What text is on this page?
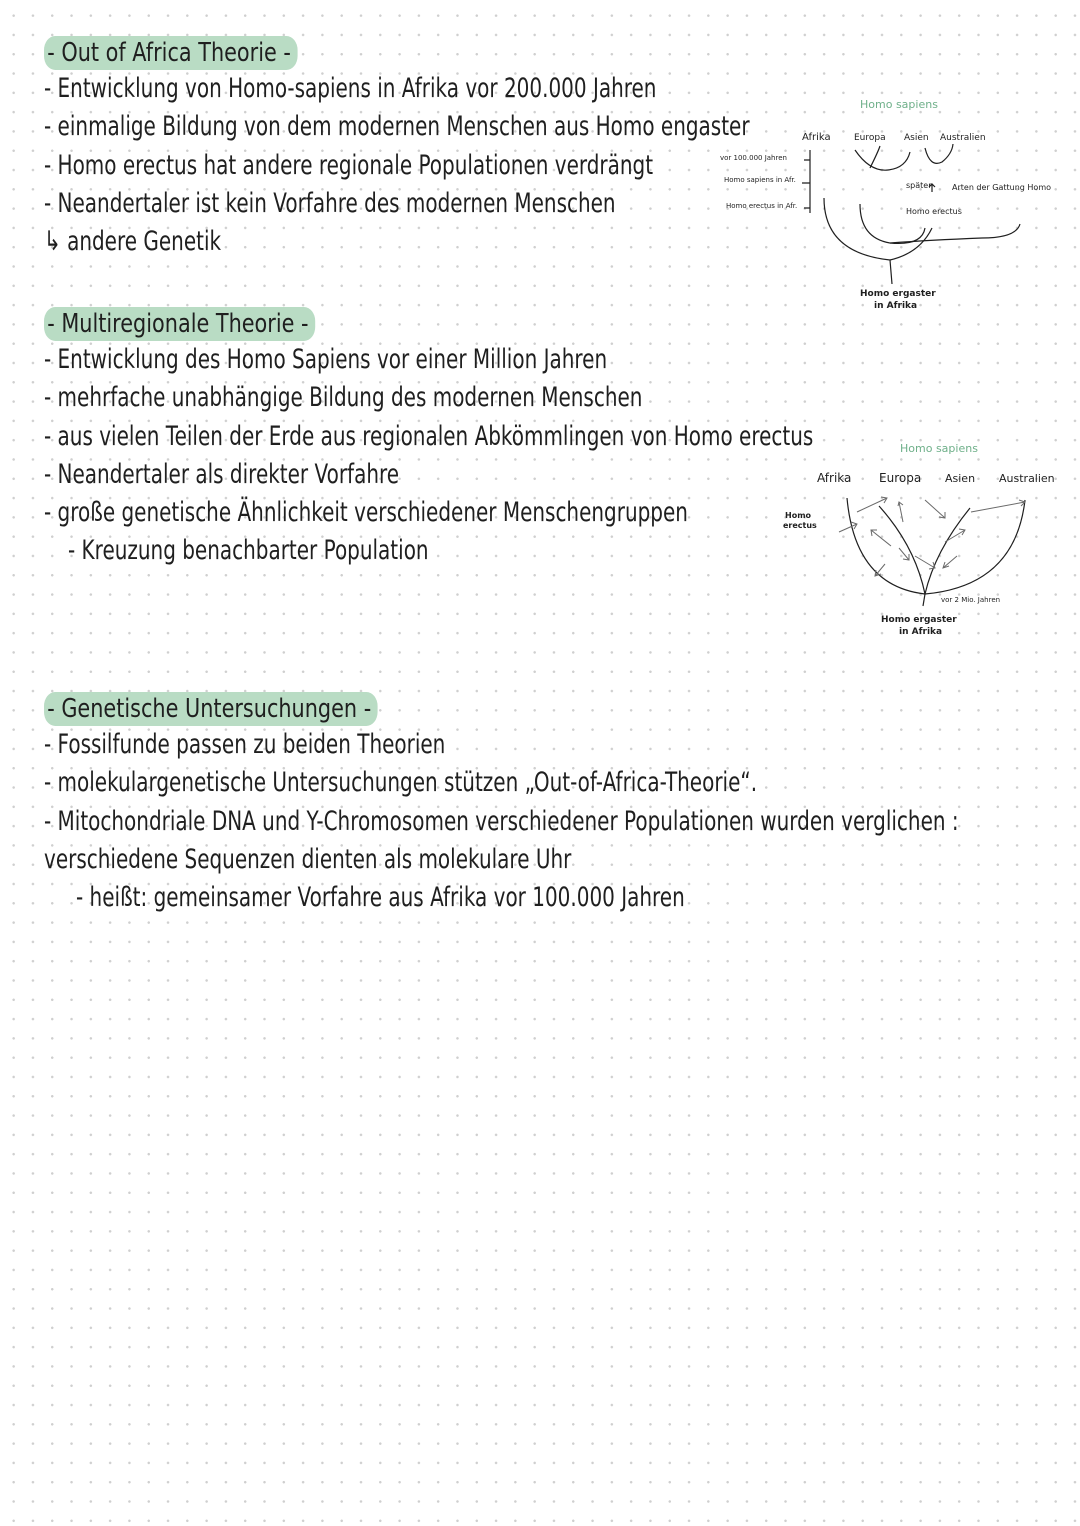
- Out of Africa Theorie -
- Entwicklung von Homo-sapiens in Afrika vor 200.000 Jahren
- einmalige Bildung von dem modernen Menschen aus Homo engaster
- Homo erectus hat andere regionale Populationen verdrängt
- Neandertaler ist kein Vorfahre des modernen Menschen
↳ andere Genetik
- Multiregionale Theorie -
- Entwicklung des Homo Sapiens vor einer Million Jahren
- mehrfache unabhängige Bildung des modernen Menschen
- aus vielen Teilen der Erde aus regionalen Abkömmlingen von Homo erectus
- Neandertaler als direkter Vorfahre
- große genetische Ähnlichkeit verschiedener Menschengruppen
- Kreuzung benachbarter Population
- Genetische Untersuchungen -
- Fossilfunde passen zu beiden Theorien
- molekulargenetische Untersuchungen stützen „Out-of-Africa-Theorie“.
- Mitochondriale DNA und Y-Chromosomen verschiedener Populationen wurden verglichen :
verschiedene Sequenzen dienten als molekulare Uhr
- heißt: gemeinsamer Vorfahre aus Afrika vor 100.000 Jahren
Homo sapiens
Afrika	Europa Asien Australien
vor 100.000 Jahren
Homo sapiens in Afr.
Homo erectus in Afr.
später	Arten der Gattung Homo
Homo erectus
Homo ergaster
in Afrika
Homo sapiens
Afrika Europa Asien Australien
Homo
erectus
vor 2 Mio. Jahren
Homo ergaster
in Afrika
